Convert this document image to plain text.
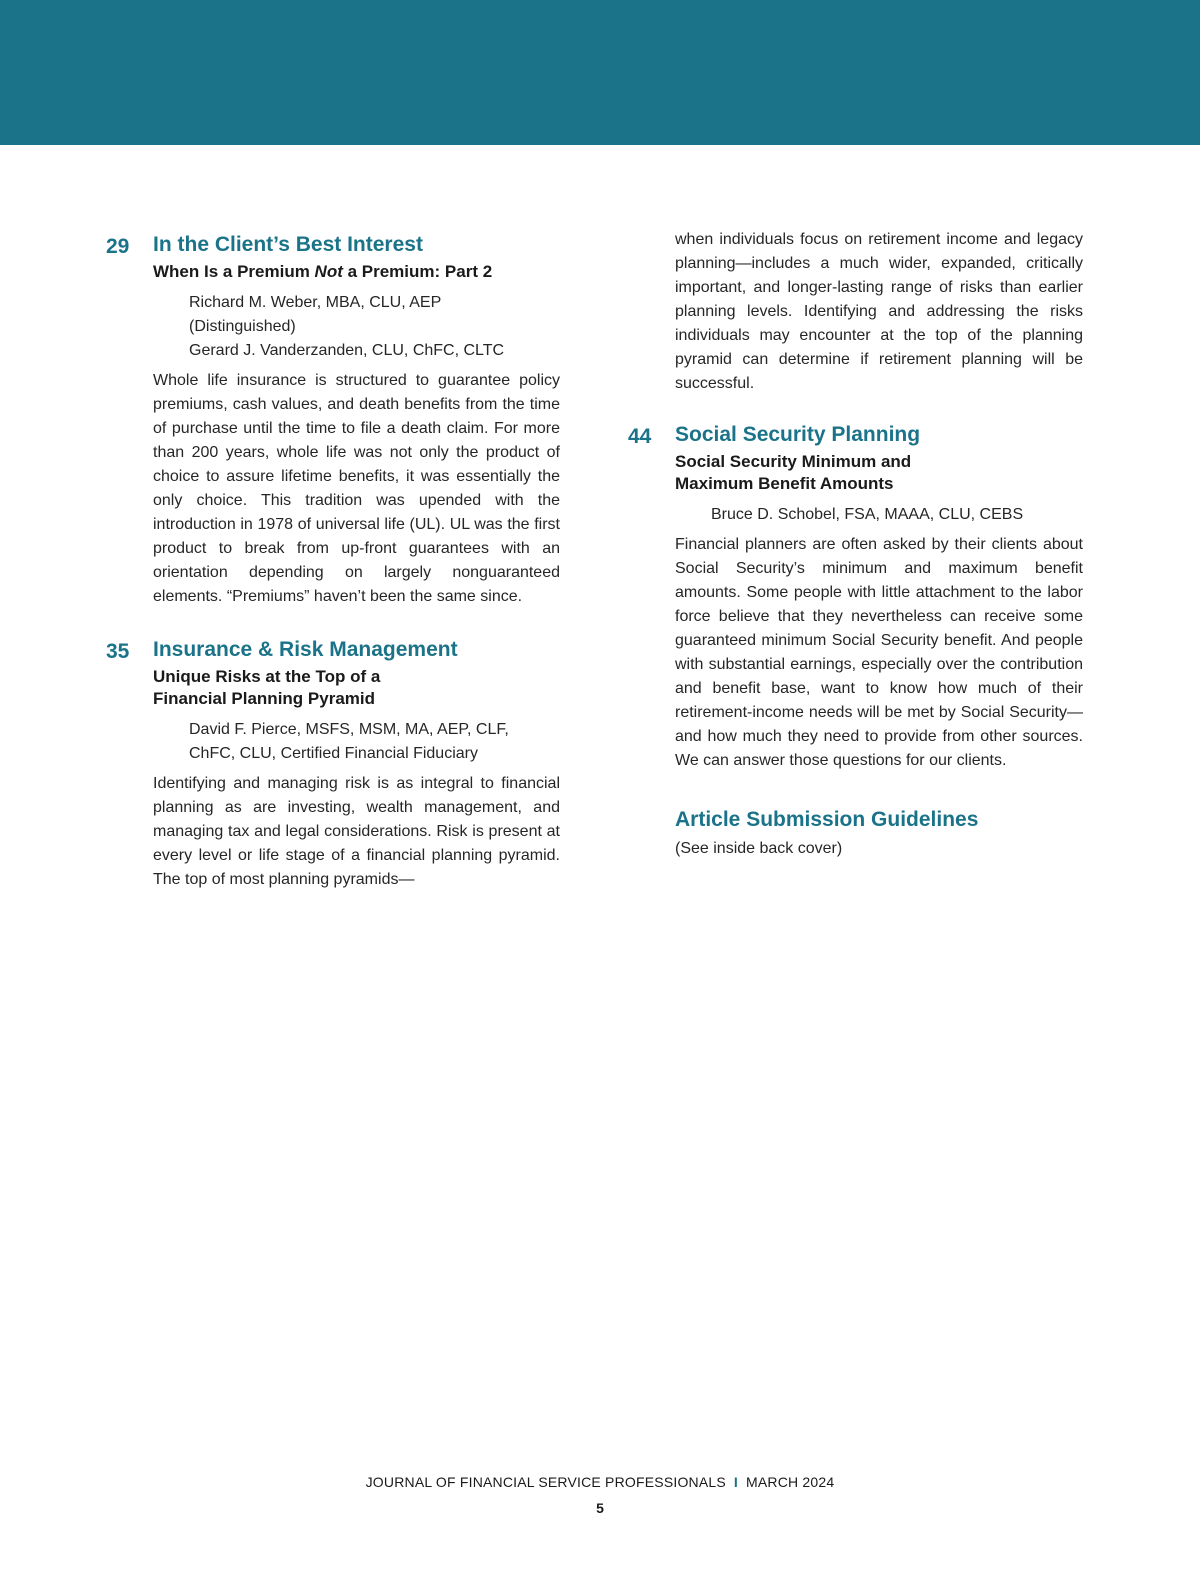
29	In the Client’s Best Interest
When Is a Premium Not a Premium: Part 2
Richard M. Weber, MBA, CLU, AEP
(Distinguished)
Gerard J. Vanderzanden, CLU, ChFC, CLTC

Whole life insurance is structured to guarantee policy premiums, cash values, and death benefits from the time of purchase until the time to file a death claim. For more than 200 years, whole life was not only the product of choice to assure lifetime benefits, it was essentially the only choice. This tradition was upended with the introduction in 1978 of universal life (UL). UL was the first product to break from up-front guarantees with an orientation depending on largely nonguaranteed elements. “Premiums” haven’t been the same since.

35	Insurance & Risk Management
Unique Risks at the Top of a
Financial Planning Pyramid
David F. Pierce, MSFS, MSM, MA, AEP, CLF,
ChFC, CLU, Certified Financial Fiduciary

Identifying and managing risk is as integral to financial planning as are investing, wealth management, and managing tax and legal considerations. Risk is present at every level or life stage of a financial planning pyramid. The top of most planning pyramids—

when individuals focus on retirement income and legacy planning—includes a much wider, expanded, critically important, and longer-lasting range of risks than earlier planning levels. Identifying and addressing the risks individuals may encounter at the top of the planning pyramid can determine if retirement planning will be successful.

44	Social Security Planning
Social Security Minimum and
Maximum Benefit Amounts
Bruce D. Schobel, FSA, MAAA, CLU, CEBS

Financial planners are often asked by their clients about Social Security’s minimum and maximum benefit amounts. Some people with little attachment to the labor force believe that they nevertheless can receive some guaranteed minimum Social Security benefit. And people with substantial earnings, especially over the contribution and benefit base, want to know how much of their retirement-income needs will be met by Social Security—and how much they need to provide from other sources. We can answer those questions for our clients.

Article Submission Guidelines

(See inside back cover)

JOURNAL OF FINANCIAL SERVICE PROFESSIONALS I MARCH 2024
5
